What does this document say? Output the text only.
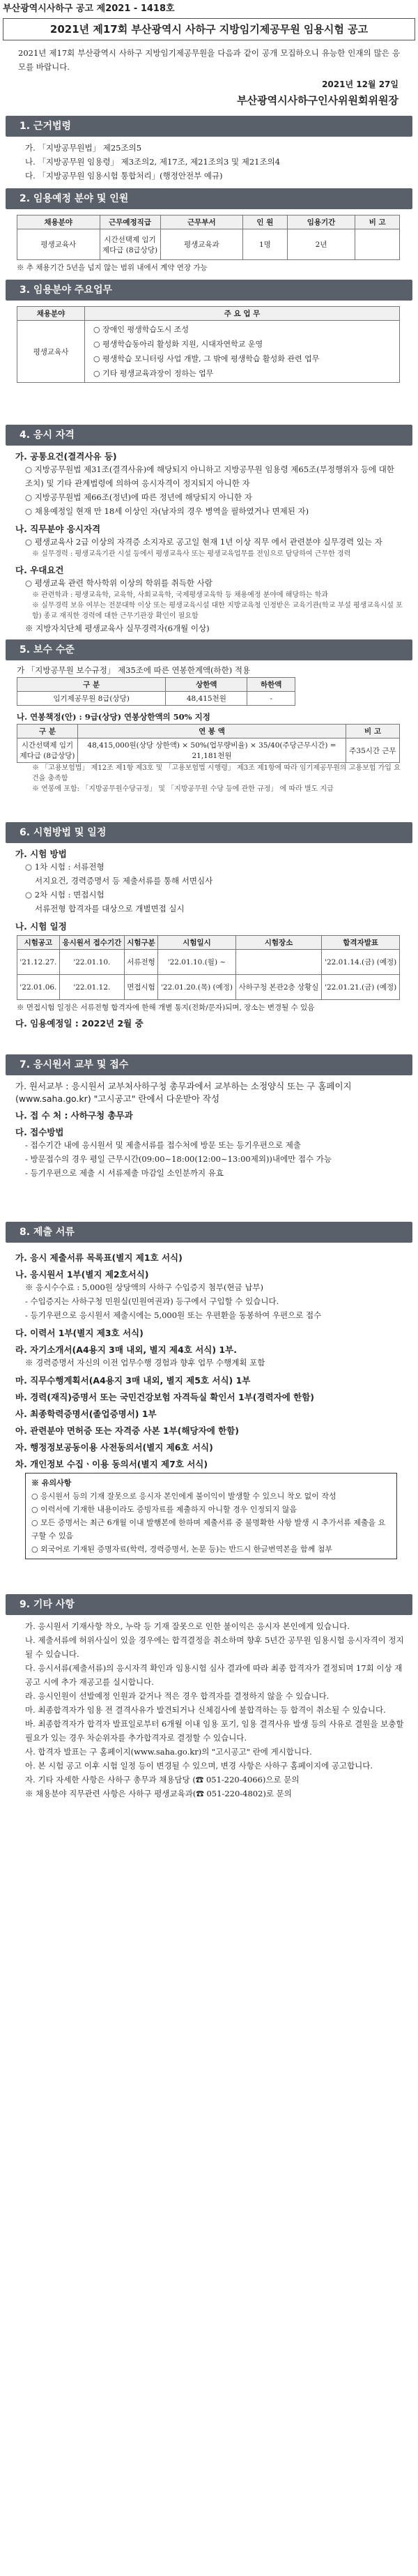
부산광역시사하구 공고 제2021 - 1418호
2021년 제17회 부산광역시 사하구 지방임기제공무원 임용시험 공고
2021년 제17회 부산광역시 사하구 지방임기제공무원을 다음과 같이 공개 모집하오니 유능한 인재의 많은 응모를 바랍니다.
2021년 12월 27일
부산광역시사하구인사위원회위원장
1. 근거법령
가. 「지방공무원법」 제25조의5
나. 「지방공무원 임용령」 제3조의2, 제17조, 제21조의3 및 제21조의4
다. 「지방공무원 임용시험 통합처리」(행정안전부 예규)
2. 임용예정 분야 및 인원
채용분야	근무예정직급	근무부서	인 원	임용기간	비 고
평생교육사	시간선택제 임기제다급 (8급상당)	평생교육과	1명	2년	
※ 추 채용기간 5년을 넘지 않는 범위 내에서 계약 연장 가능
3. 임용분야 주요업무
채용분야	주 요 업 무
평생교육사	○ 장애인 평생학습도시 조성
○ 평생학습동아리 활성화 지원, 시대자연학교 운영
○ 평생학습 모니터링 사업 개발, 그 밖에 평생학습 활성화 관련 업무
○ 기타 평생교육과장이 정하는 업무
4. 응시 자격
가. 공통요건(결격사유 등)
○ 지방공무원법 제31조(결격사유)에 해당되지 아니하고 지방공무원 임용령 제65조(부정행위자 등에 대한 조치) 및 기타 관계법령에 의하여 응시자격이 정지되지 아니한 자
○ 지방공무원법 제66조(정년)에 따른 정년에 해당되지 아니한 자
○ 채용예정일 현재 만 18세 이상인 자(남자의 경우 병역을 필하였거나 면제된 자)
나. 직무분야 응시자격
○ 평생교육사 2급 이상의 자격증 소지자로 공고일 현재 1년 이상 직무 에서 관련분야 실무경력 있는 자
※ 실무경력 : 평생교육기관 시설 등에서 평생교육사 또는 평생교육업무를 전임으로 담당하여 근무한 경력
다. 우대요건
○ 평생교육 관련 학사학위 이상의 학위를 취득한 사람
※ 관련학과 : 평생교육학, 교육학, 사회교육학, 국제평생교육학 등 채용예정 분야에 해당하는 학과
※ 실무경력 보유 여부는 전문대학 이상 또는 평생교육시설 대한 지방교육청 인정받은 교육기관(학교 부설 평생교육시설 포함) 종교 재직한 경력에 대한 근무기관장 확인이 필요함
※ 지방자치단체 평생교육사 실무경력자(6개월 이상)
5. 보수 수준
가 「지방공무원 보수규정」 제35조에 따른 연봉한계액(하한) 적용
구 분	상한액	하한액
임기제공무원 8급(상당)	48,415천원	-
나. 연봉책정(안) : 9급(상당) 연봉상한액의 50% 지정
구 분	연 봉 액	비 고
시간선택제 임기제다급 (8급상당)	48,415,000원(상당 상한액) × 50%(업무량비율) × 35/40(주당근무시간) = 21,181천원	주35시간 근무
※ 「고용보험법」 제12조 제1항 제3호 및 「고용보험법 시행령」 제3조 제1항에 따라 임기제공무원의 고용보험 가입 요건을 충족함
※ 연봉에 포함: 「지방공무원수당규정」 및 「지방공무원 수당 등에 관한 규정」 에 따라 별도 지급
6. 시험방법 및 일정
가. 시험 방법
○ 1차 시험 : 서류전형
서지요건, 경력증명서 등 제출서류를 통해 서면심사
○ 2차 시험 : 면접시험
서류전형 합격자를 대상으로 개별면접 실시
나. 시험 일정
시험공고	응시원서 접수기간	시험구분	시험일시	시험장소	합격자발표
'21.12.27.	'22.01.10.	서류전형	'22.01.10.(월) ~		'22.01.14.(금) (예정)
'22.01.06.	'22.01.12.	면접시험	'22.01.20.(목) (예정)	사하구청 본관2층 상황실	'22.01.21.(금) (예정)
※ 면접시험 일정은 서류전형 합격자에 한해 개별 통지(전화/문자)되며, 장소는 변경될 수 있음
다. 임용예정일 : 2022년 2월 중
7. 응시원서 교부 및 접수
가. 원서교부 : 응시원서 교부처사하구청 총무과에서 교부하는 소정양식 또는 구 홈페이지(www.saha.go.kr) "고시공고" 란에서 다운받아 작성
나. 접 수 처 : 사하구청 총무과
다. 접수방법
- 접수기간 내에 응시원서 및 제출서류를 접수처에 방문 또는 등기우편으로 제출
- 방문접수의 경우 평일 근무시간(09:00~18:00(12:00~13:00제외))내에만 접수 가능
- 등기우편으로 제출 시 서류제출 마감일 소인분까지 유효
8. 제출 서류
가. 응시 제출서류 목록표(별지 제1호 서식)
나. 응시원서 1부(별지 제2호서식)
※ 응시수수료 : 5,000원 상당액의 사하구 수입증지 첨부(현금 납부)
- 수입증지는 사하구청 민원실(민원여권과) 등구에서 구입할 수 있습니다.
- 등기우편으로 응시원서 제출시에는 5,000원 또는 우편환을 동봉하여 우편으로 접수
다. 이력서 1부(별지 제3호 서식)
라. 자기소개서(A4용지 3매 내외, 별지 제4호 서식) 1부.
※ 경력증명서 자신의 이전 업무수행 경험과 향후 업무 수행계획 포함
마. 직무수행계획서(A4용지 3매 내외, 별지 제5호 서식) 1부
바. 경력(재직)증명서 또는 국민건강보험 자격득실 확인서 1부(경력자에 한함)
사. 최종학력증명서(졸업증명서) 1부
아. 관련분야 면허증 또는 자격증 사본 1부(해당자에 한함)
자. 행정정보공동이용 사전동의서(별지 제6호 서식)
차. 개인정보 수집ㆍ이용 동의서(별지 제7호 서식)
※ 유의사항
○ 응시원서 등의 기재 잘못으로 응시자 본인에게 불이익이 발생할 수 있으니 착오 없이 작성
○ 이력서에 기재한 내용이라도 증빙자료를 제출하지 아니할 경우 인정되지 않음
○ 모든 증명서는 최근 6개월 이내 발행본에 한하며 제출서류 중 불명확한 사항 발생 시 추가서류 제출을 요구할 수 있음
○ 외국어로 기재된 증명자료(학력, 경력증명서, 논문 등)는 반드시 한글번역본을 함께 첨부
9. 기타 사항
가. 응시원서 기재사항 착오, 누락 등 기재 잘못으로 인한 불이익은 응시자 본인에게 있습니다.
나. 제출서류에 허위사실이 있을 경우에는 합격결정을 취소하며 향후 5년간 공무원 임용시험 응시자격이 정지될 수 있습니다.
다. 응시서류(제출서류)의 응시자격 확인과 임용시험 심사 결과에 따라 최종 합격자가 결정되며 17회 이상 재공고 시에 추가 재공고를 실시합니다.
라. 응시인원이 선발예정 인원과 같거나 적은 경우 합격자를 결정하지 않을 수 있습니다.
마. 최종합격자가 임용 전 결격사유가 발견되거나 신체검사에 불합격하는 등 합격이 취소될 수 있습니다.
바. 최종합격자가 합격자 발표일로부터 6개월 이내 임용 포기, 임용 결격사유 발생 등의 사유로 결원을 보충할 필요가 있는 경우 차순위자를 추가합격자로 결정할 수 있습니다.
사. 합격자 발표는 구 홈페이지(www.saha.go.kr)의 "고시공고" 란에 게시합니다.
아. 본 시험 공고 이후 시험 일정 등이 변경될 수 있으며, 변경 사항은 사하구 홈페이지에 공고합니다.
자. 기타 자세한 사항은 사하구 총무과 채용담당 (☎ 051-220-4066)으로 문의
※ 채용분야 직무관련 사항은 사하구 평생교육과(☎ 051-220-4802)로 문의
